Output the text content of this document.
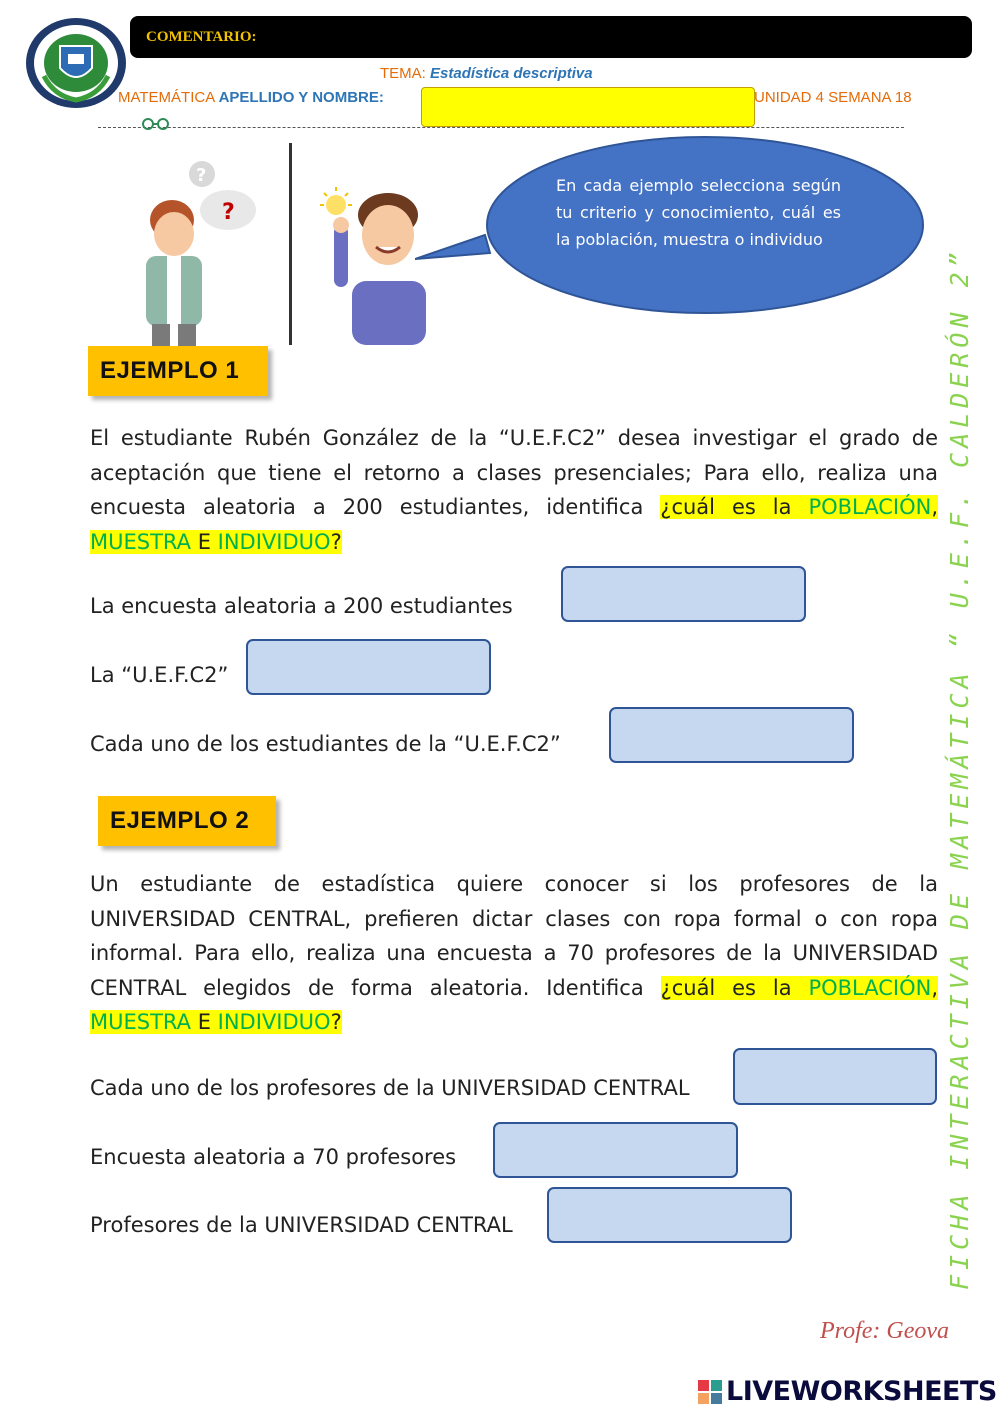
COMENTARIO:
TEMA: Estadística descriptiva
MATEMÁTICA APELLIDO Y NOMBRE:	UNIDAD 4 SEMANA 18
FICHA INTERACTIVA DE MATEMÁTICA “ U.E.F. CALDERÓN 2”
?
?
En cada ejemplo selecciona según tu criterio y conocimiento, cuál es la población, muestra o individuo
EJEMPLO 1
El estudiante Rubén González de la “U.E.F.C2” desea investigar el grado de aceptación que tiene el retorno a clases presenciales; Para ello, realiza una encuesta aleatoria a 200 estudiantes, identifica ¿cuál es la POBLACIÓN, MUESTRA E INDIVIDUO?
La encuesta aleatoria a 200 estudiantes
La “U.E.F.C2”
Cada uno de los estudiantes de la “U.E.F.C2”
EJEMPLO 2
Un estudiante de estadística quiere conocer si los profesores de la UNIVERSIDAD CENTRAL, prefieren dictar clases con ropa formal o con ropa informal. Para ello, realiza una encuesta a 70 profesores de la UNIVERSIDAD CENTRAL elegidos de forma aleatoria. Identifica ¿cuál es la POBLACIÓN, MUESTRA E INDIVIDUO?
Cada uno de los profesores de la UNIVERSIDAD CENTRAL
Encuesta aleatoria a 70 profesores
Profesores de la UNIVERSIDAD CENTRAL
Profe: Geova
LIVEWORKSHEETS
